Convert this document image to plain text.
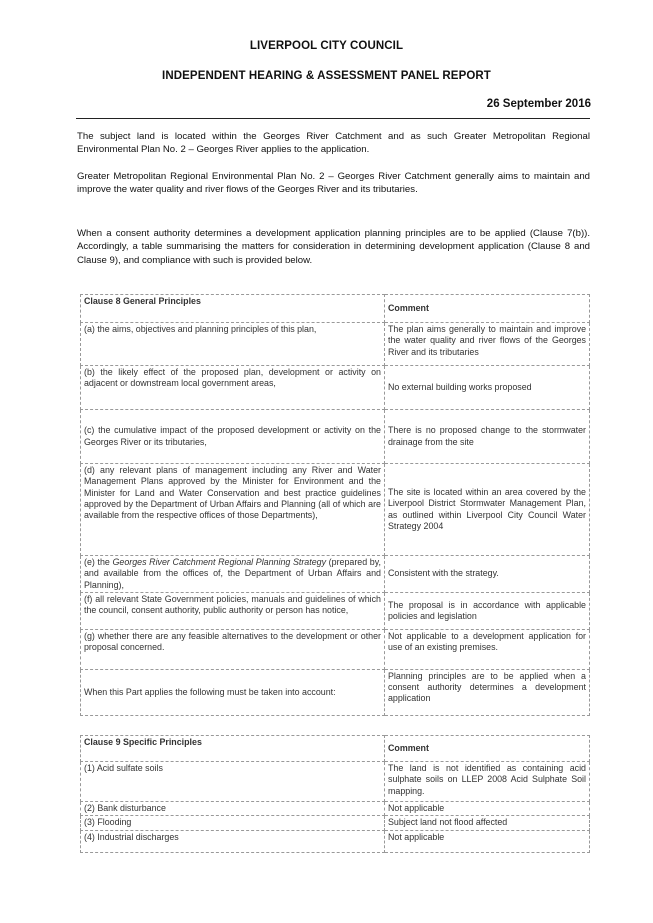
LIVERPOOL CITY COUNCIL
INDEPENDENT HEARING & ASSESSMENT PANEL REPORT
26 September 2016
The subject land is located within the Georges River Catchment and as such Greater Metropolitan Regional Environmental Plan No. 2 – Georges River applies to the application.
Greater Metropolitan Regional Environmental Plan No. 2 – Georges River Catchment generally aims to maintain and improve the water quality and river flows of the Georges River and its tributaries.
When a consent authority determines a development application planning principles are to be applied (Clause 7(b)). Accordingly, a table summarising the matters for consideration in determining development application (Clause 8 and Clause 9), and compliance with such is provided below.
Clause 8 General Principles	Comment
(a) the aims, objectives and planning principles of this plan,	The plan aims generally to maintain and improve the water quality and river flows of the Georges River and its tributaries
(b) the likely effect of the proposed plan, development or activity on adjacent or downstream local government areas,	No external building works proposed
(c) the cumulative impact of the proposed development or activity on the Georges River or its tributaries,	There is no proposed change to the stormwater drainage from the site
(d) any relevant plans of management including any River and Water Management Plans approved by the Minister for Environment and the Minister for Land and Water Conservation and best practice guidelines approved by the Department of Urban Affairs and Planning (all of which are available from the respective offices of those Departments),	The site is located within an area covered by the Liverpool District Stormwater Management Plan, as outlined within Liverpool City Council Water Strategy 2004
(e) the Georges River Catchment Regional Planning Strategy (prepared by, and available from the offices of, the Department of Urban Affairs and Planning),	Consistent with the strategy.
(f) all relevant State Government policies, manuals and guidelines of which the council, consent authority, public authority or person has notice,	The proposal is in accordance with applicable policies and legislation
(g) whether there are any feasible alternatives to the development or other proposal concerned.	Not applicable to a development application for use of an existing premises.
When this Part applies the following must be taken into account:	Planning principles are to be applied when a consent authority determines a development application
Clause 9 Specific Principles	Comment
(1) Acid sulfate soils	The land is not identified as containing acid sulphate soils on LLEP 2008 Acid Sulphate Soil mapping.
(2) Bank disturbance	Not applicable
(3) Flooding	Subject land not flood affected
(4) Industrial discharges	Not applicable
